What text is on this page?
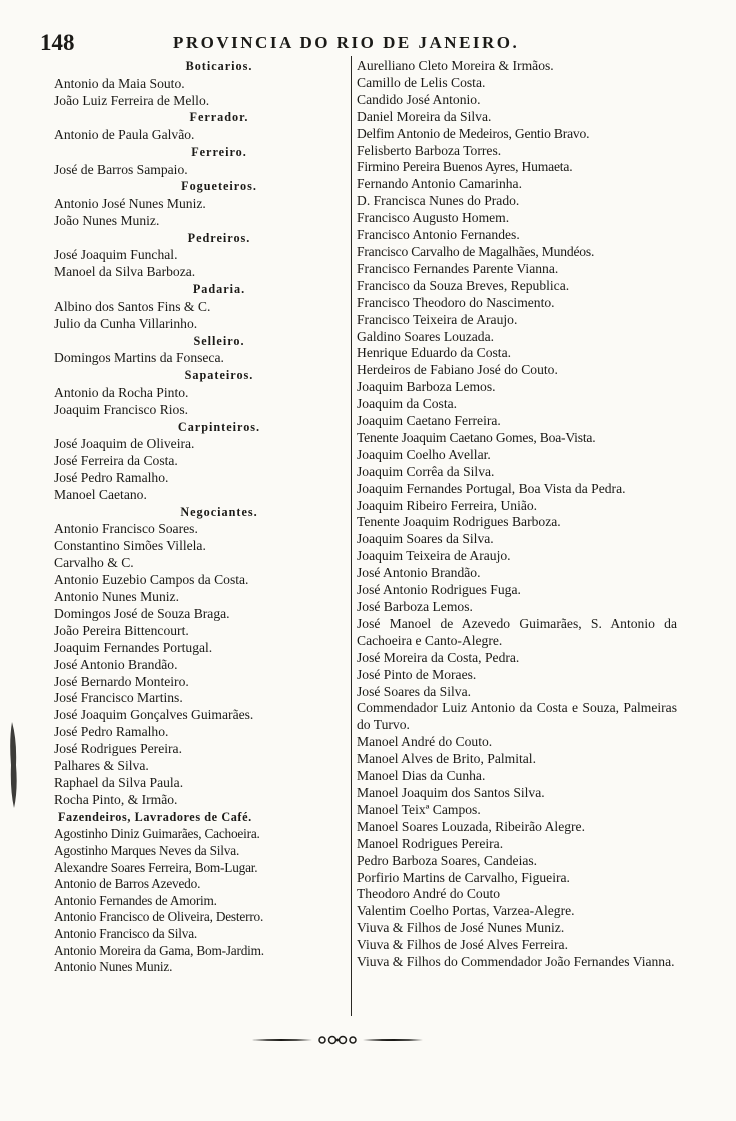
148	PROVINCIA DO RIO DE JANEIRO.
Boticarios.
Antonio da Maia Souto.
João Luiz Ferreira de Mello.
Ferrador.
Antonio de Paula Galvão.
Ferreiro.
José de Barros Sampaio.
Fogueteiros.
Antonio José Nunes Muniz.
João Nunes Muniz.
Pedreiros.
José Joaquim Funchal.
Manoel da Silva Barboza.
Padaria.
Albino dos Santos Fins & C.
Julio da Cunha Villarinho.
Selleiro.
Domingos Martins da Fonseca.
Sapateiros.
Antonio da Rocha Pinto.
Joaquim Francisco Rios.
Carpinteiros.
José Joaquim de Oliveira.
José Ferreira da Costa.
José Pedro Ramalho.
Manoel Caetano.
Negociantes.
Antonio Francisco Soares.
Constantino Simões Villela.
Carvalho & C.
Antonio Euzebio Campos da Costa.
Antonio Nunes Muniz.
Domingos José de Souza Braga.
João Pereira Bittencourt.
Joaquim Fernandes Portugal.
José Antonio Brandão.
José Bernardo Monteiro.
José Francisco Martins.
José Joaquim Gonçalves Guimarães.
José Pedro Ramalho.
José Rodrigues Pereira.
Palhares & Silva.
Raphael da Silva Paula.
Rocha Pinto, & Irmão.
Fazendeiros, Lavradores de Café.
Agostinho Diniz Guimarães, Cachoeira.
Agostinho Marques Neves da Silva.
Alexandre Soares Ferreira, Bom-Lugar.
Antonio de Barros Azevedo.
Antonio Fernandes de Amorim.
Antonio Francisco de Oliveira, Desterro.
Antonio Francisco da Silva.
Antonio Moreira da Gama, Bom-Jardim.
Antonio Nunes Muniz.
Aurelliano Cleto Moreira & Irmãos.
Camillo de Lelis Costa.
Candido José Antonio.
Daniel Moreira da Silva.
Delfim Antonio de Medeiros, Gentio Bravo.
Felisberto Barboza Torres.
Firmino Pereira Buenos Ayres, Humaeta.
Fernando Antonio Camarinha.
D. Francisca Nunes do Prado.
Francisco Augusto Homem.
Francisco Antonio Fernandes.
Francisco Carvalho de Magalhães, Mundéos.
Francisco Fernandes Parente Vianna.
Francisco da Souza Breves, Republica.
Francisco Theodoro do Nascimento.
Francisco Teixeira de Araujo.
Galdino Soares Louzada.
Henrique Eduardo da Costa.
Herdeiros de Fabiano José do Couto.
Joaquim Barboza Lemos.
Joaquim da Costa.
Joaquim Caetano Ferreira.
Tenente Joaquim Caetano Gomes, Boa-Vista.
Joaquim Coelho Avellar.
Joaquim Corrêa da Silva.
Joaquim Fernandes Portugal, Boa Vista da Pedra.
Joaquim Ribeiro Ferreira, União.
Tenente Joaquim Rodrigues Barboza.
Joaquim Soares da Silva.
Joaquim Teixeira de Araujo.
José Antonio Brandão.
José Antonio Rodrigues Fuga.
José Barboza Lemos.
José Manoel de Azevedo Guimarães, S. Antonio da Cachoeira e Canto-Alegre.
José Moreira da Costa, Pedra.
José Pinto de Moraes.
José Soares da Silva.
Commendador Luiz Antonio da Costa e Souza, Palmeiras do Turvo.
Manoel André do Couto.
Manoel Alves de Brito, Palmital.
Manoel Dias da Cunha.
Manoel Joaquim dos Santos Silva.
Manoel Teixª Campos.
Manoel Soares Louzada, Ribeirão Alegre.
Manoel Rodrigues Pereira.
Pedro Barboza Soares, Candeias.
Porfirio Martins de Carvalho, Figueira.
Theodoro André do Couto
Valentim Coelho Portas, Varzea-Alegre.
Viuva & Filhos de José Nunes Muniz.
Viuva & Filhos de José Alves Ferreira.
Viuva & Filhos do Commendador João Fernandes Vianna.
